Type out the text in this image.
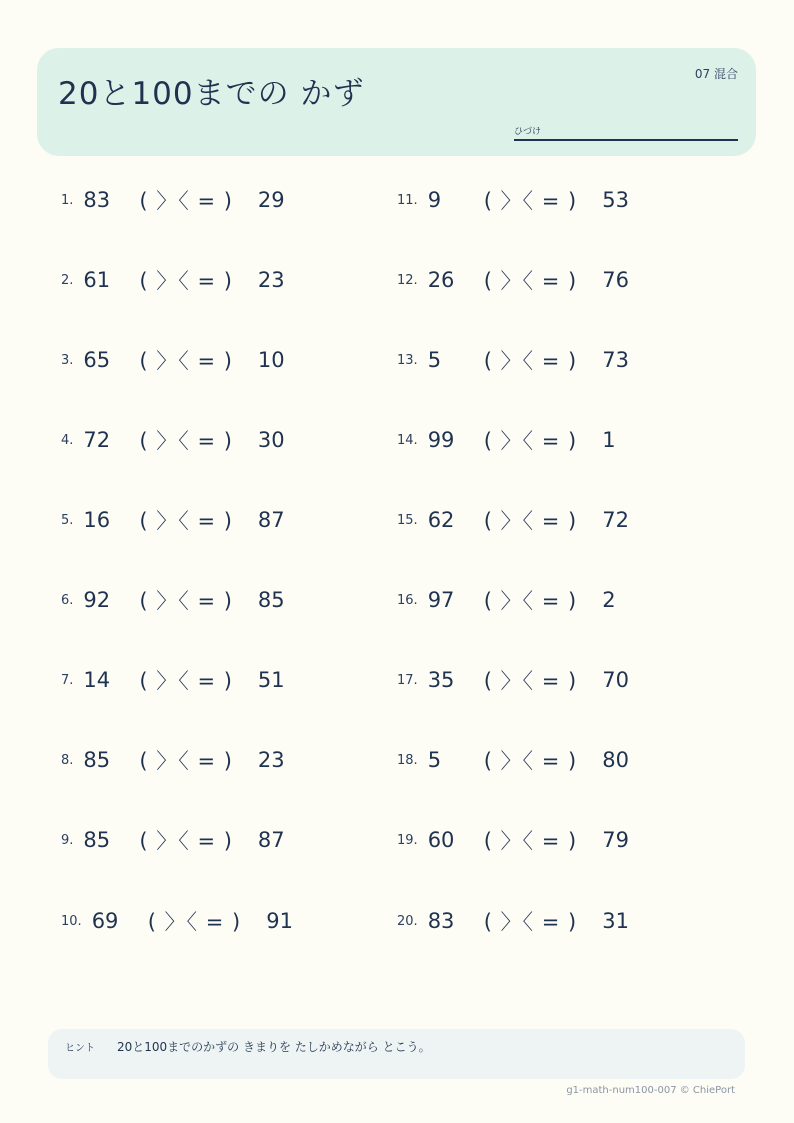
20と100までの かず
07 混合
ひづけ
1. 83	( 〉〈 = ) 29
2. 61	( 〉〈 = ) 23
3. 65	( 〉〈 = ) 10
4. 72	( 〉〈 = ) 30
5. 16	( 〉〈 = ) 87
6. 92	( 〉〈 = ) 85
7. 14	( 〉〈 = ) 51
8. 85	( 〉〈 = ) 23
9. 85	( 〉〈 = ) 87
10. 69	( 〉〈 = ) 91
11. 9	( 〉〈 = ) 53
12. 26	( 〉〈 = ) 76
13. 5	( 〉〈 = ) 73
14. 99	( 〉〈 = ) 1
15. 62	( 〉〈 = ) 72
16. 97	( 〉〈 = ) 2
17. 35	( 〉〈 = ) 70
18. 5	( 〉〈 = ) 80
19. 60	( 〉〈 = ) 79
20. 83	( 〉〈 = ) 31
ヒント 20と100までのかずの きまりを たしかめながら とこう。
g1-math-num100-007 © ChiePort
